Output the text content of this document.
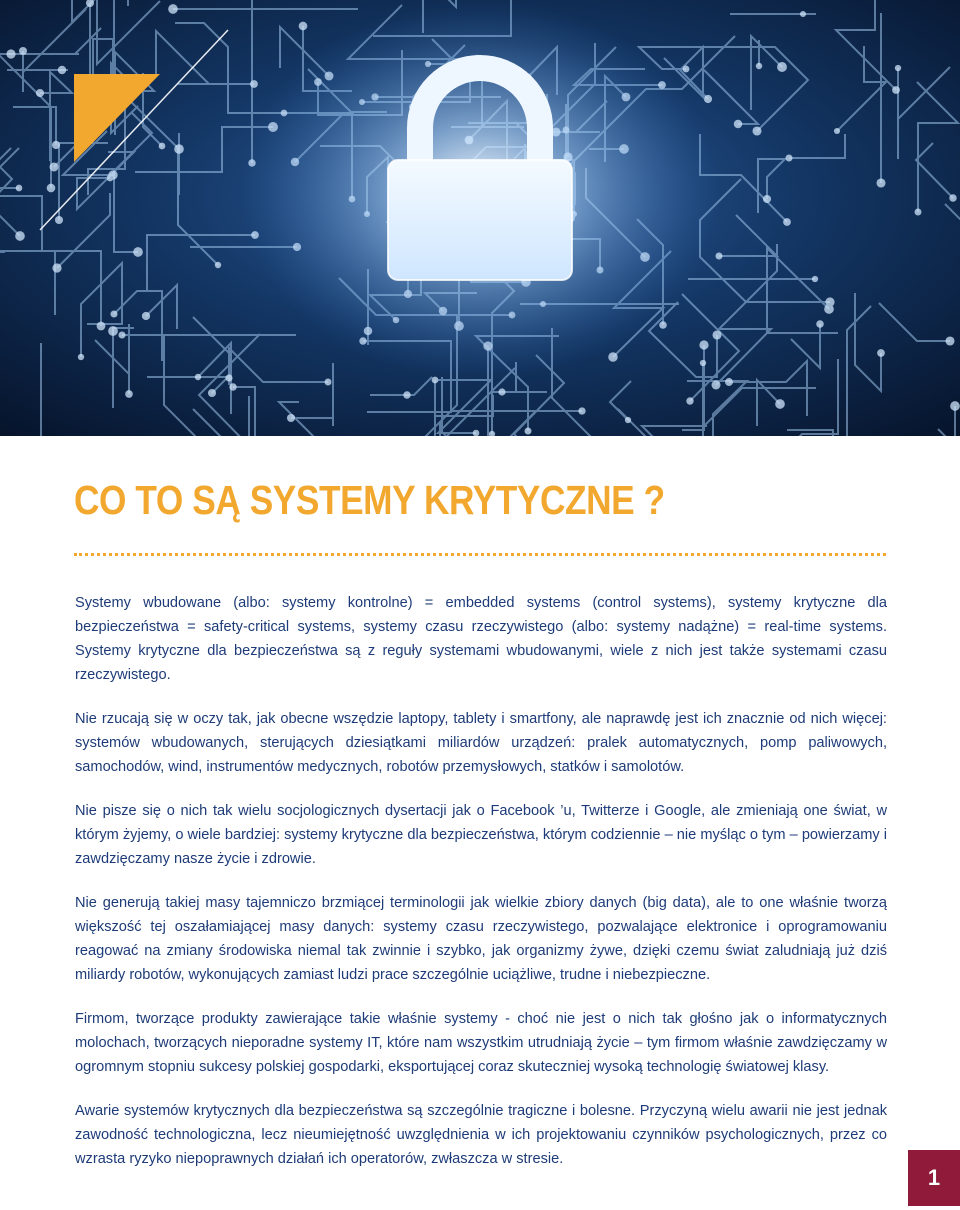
CO TO SĄ SYSTEMY KRYTYCZNE ?

Systemy wbudowane (albo: systemy kontrolne) = embedded systems (control systems), systemy krytyczne dla bezpieczeństwa = safety-critical systems, systemy czasu rzeczywistego (albo: systemy nadążne) = real-time systems. Systemy krytyczne dla bezpieczeństwa są z reguły systemami wbudowanymi, wiele z nich jest także systemami czasu rzeczywistego.

Nie rzucają się w oczy tak, jak obecne wszędzie laptopy, tablety i smartfony, ale naprawdę jest ich znacznie od nich więcej: systemów wbudowanych, sterujących dziesiątkami miliardów urządzeń: pralek automatycznych, pomp paliwowych, samochodów, wind, instrumentów medycznych, robotów przemysłowych, statków i samolotów.

Nie pisze się o nich tak wielu socjologicznych dysertacji jak o Facebook ’u, Twitterze i Google, ale zmieniają one świat, w którym żyjemy, o wiele bardziej: systemy krytyczne dla bezpieczeństwa, którym codziennie – nie myśląc o tym – powierzamy i zawdzięczamy nasze życie i zdrowie.

Nie generują takiej masy tajemniczo brzmiącej terminologii jak wielkie zbiory danych (big data), ale to one właśnie tworzą większość tej oszałamiającej masy danych: systemy czasu rzeczywistego, pozwalające elektronice i oprogramowaniu reagować na zmiany środowiska niemal tak zwinnie i szybko, jak organizmy żywe, dzięki czemu świat zaludniają już dziś miliardy robotów, wykonujących zamiast ludzi prace szczególnie uciążliwe, trudne i niebezpieczne.

Firmom, tworzące produkty zawierające takie właśnie systemy - choć nie jest o nich tak głośno jak o informatycznych molochach, tworzących nieporadne systemy IT, które nam wszystkim utrudniają życie – tym firmom właśnie zawdzięczamy w ogromnym stopniu sukcesy polskiej gospodarki, eksportującej coraz skuteczniej wysoką technologię światowej klasy.

Awarie systemów krytycznych dla bezpieczeństwa są szczególnie tragiczne i bolesne. Przyczyną wielu awarii nie jest jednak zawodność technologiczna, lecz nieumiejętność uwzględnienia w ich projektowaniu czynników psychologicznych, przez co wzrasta ryzyko niepoprawnych działań ich operatorów, zwłaszcza w stresie.

1
